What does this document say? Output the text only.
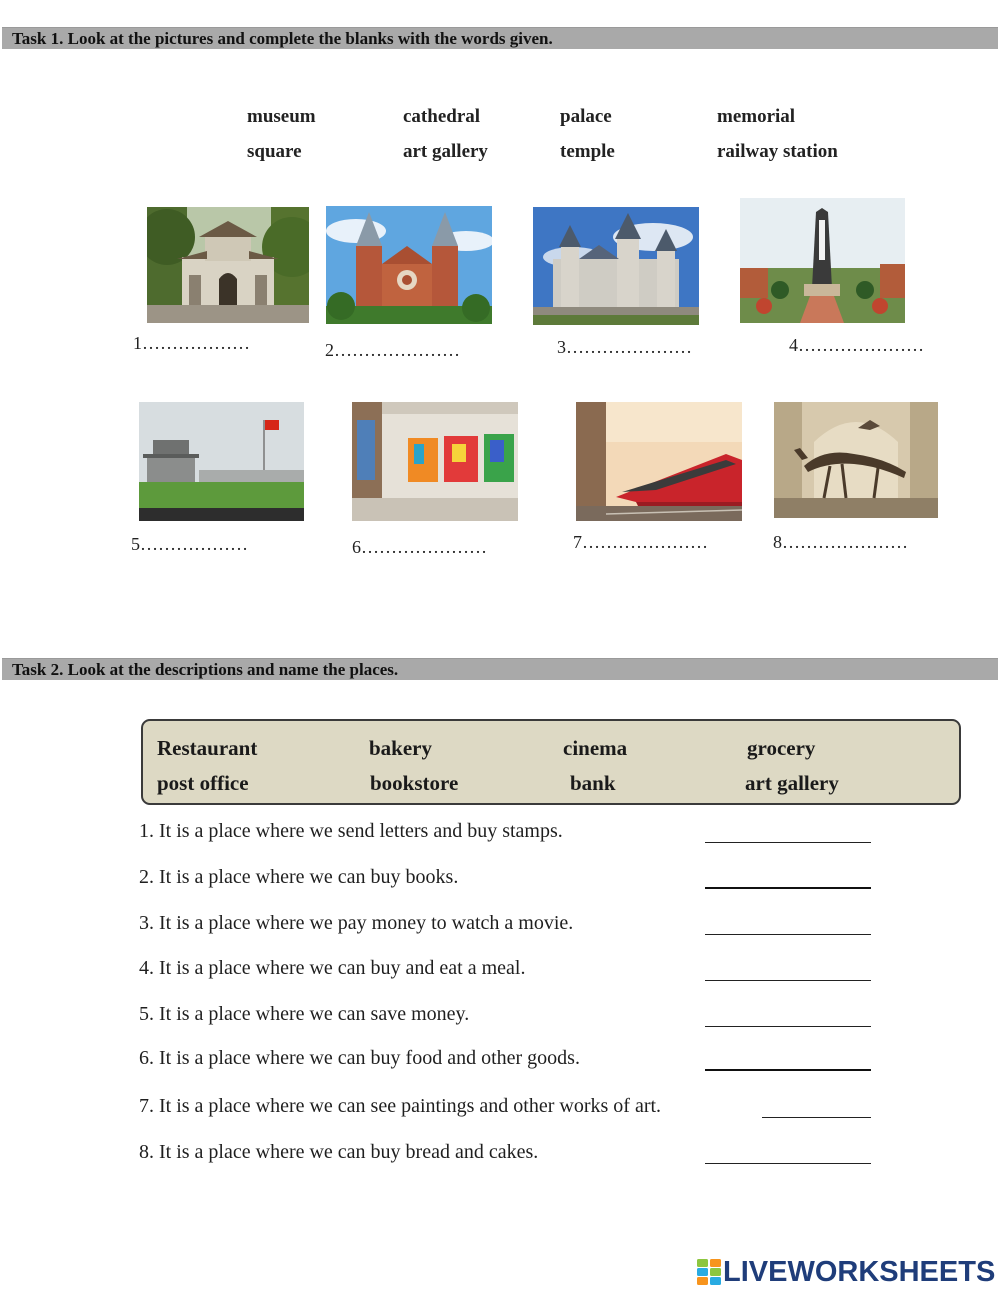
Task 1. Look at the pictures and complete the blanks with the words given.
museum	cathedral	palace	memorial
square	art gallery	temple	railway station
1………………	2…………………	3…………………	4…………………
5………………	6…………………	7…………………	8…………………
Task 2. Look at the descriptions and name the places.
Restaurant	bakery	cinema	grocery
post office	bookstore	bank	art gallery
1. It is a place where we send letters and buy stamps.
2. It is a place where we can buy books.
3. It is a place where we pay money to watch a movie.
4. It is a place where we can buy and eat a meal.
5. It is a place where we can save money.
6. It is a place where we can buy food and other goods.
7. It is a place where we can see paintings and other works of art.
8. It is a place where we can buy bread and cakes.
LIVEWORKSHEETS
